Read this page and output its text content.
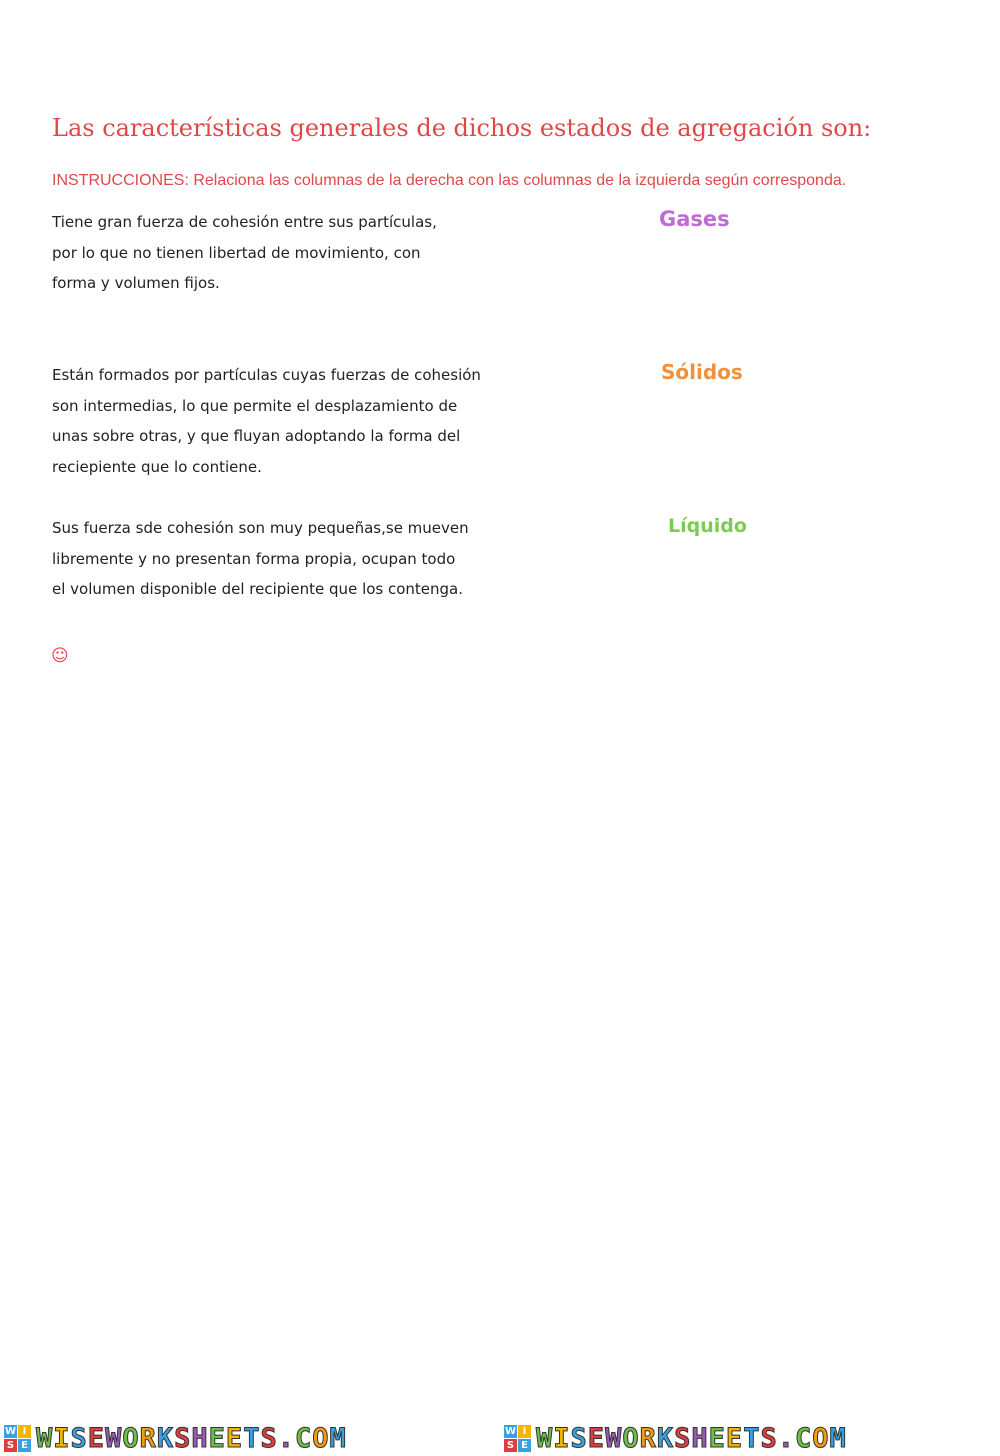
Las características generales de dichos estados de agregación son:
INSTRUCCIONES: Relaciona las columnas de la derecha con las columnas de la izquierda según corresponda.
Tiene gran fuerza de cohesión entre sus partículas,
por lo que no tienen libertad de movimiento, con
forma y volumen fijos.
Están formados por partículas cuyas fuerzas de cohesión
son intermedias, lo que permite el desplazamiento de
unas sobre otras, y que fluyan adoptando la forma del
reciepiente que lo contiene.
Sus fuerza sde cohesión son muy pequeñas,se mueven
libremente y no presentan forma propia, ocupan todo
el volumen disponible del recipiente que los contenga.
Gases
Sólidos
Líquido
☺
W I
S E WISEWORKSHEETS.COM	W I
S E WISEWORKSHEETS.COM
